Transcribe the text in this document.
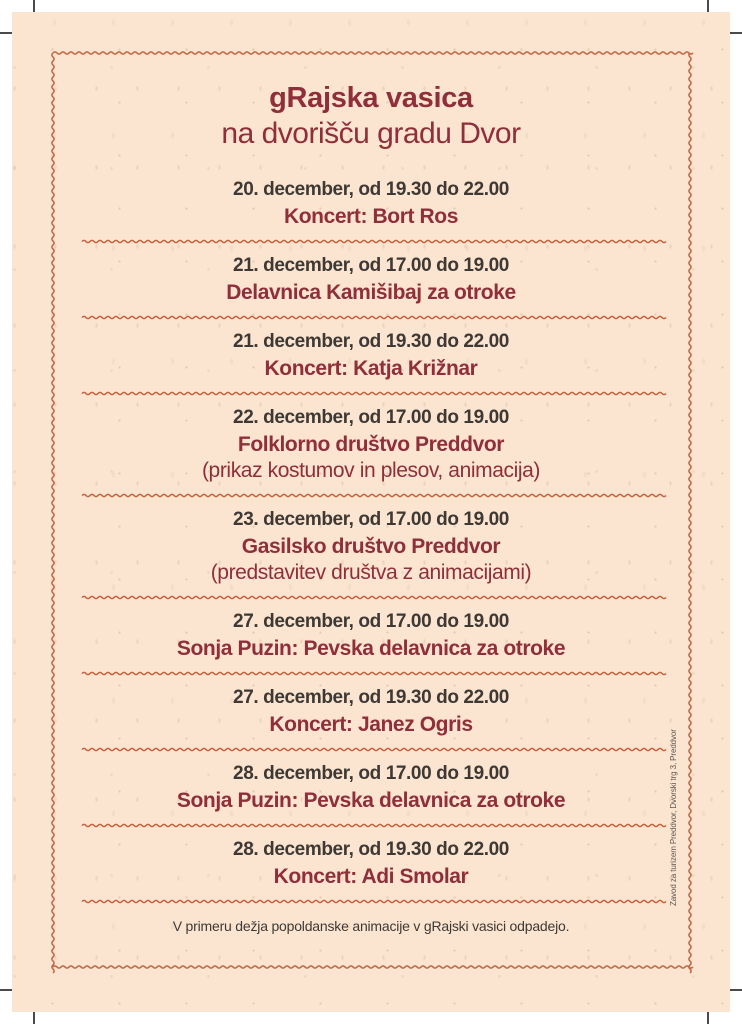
gRajska vasica
na dvorišču gradu Dvor
20. december, od 19.30 do 22.00
Koncert: Bort Ros
21. december, od 17.00 do 19.00
Delavnica Kamišibaj za otroke
21. december, od 19.30 do 22.00
Koncert: Katja Križnar
22. december, od 17.00 do 19.00
Folklorno društvo Preddvor
(prikaz kostumov in plesov, animacija)
23. december, od 17.00 do 19.00
Gasilsko društvo Preddvor
(predstavitev društva z animacijami)
27. december, od 17.00 do 19.00
Sonja Puzin: Pevska delavnica za otroke
27. december, od 19.30 do 22.00
Koncert: Janez Ogris
28. december, od 17.00 do 19.00
Sonja Puzin: Pevska delavnica za otroke
28. december, od 19.30 do 22.00
Koncert: Adi Smolar

V primeru dežja popoldanske animacije v gRajski vasici odpadejo.

Zavod za turizem Preddvor, Dvorski trg 3, Preddvor
